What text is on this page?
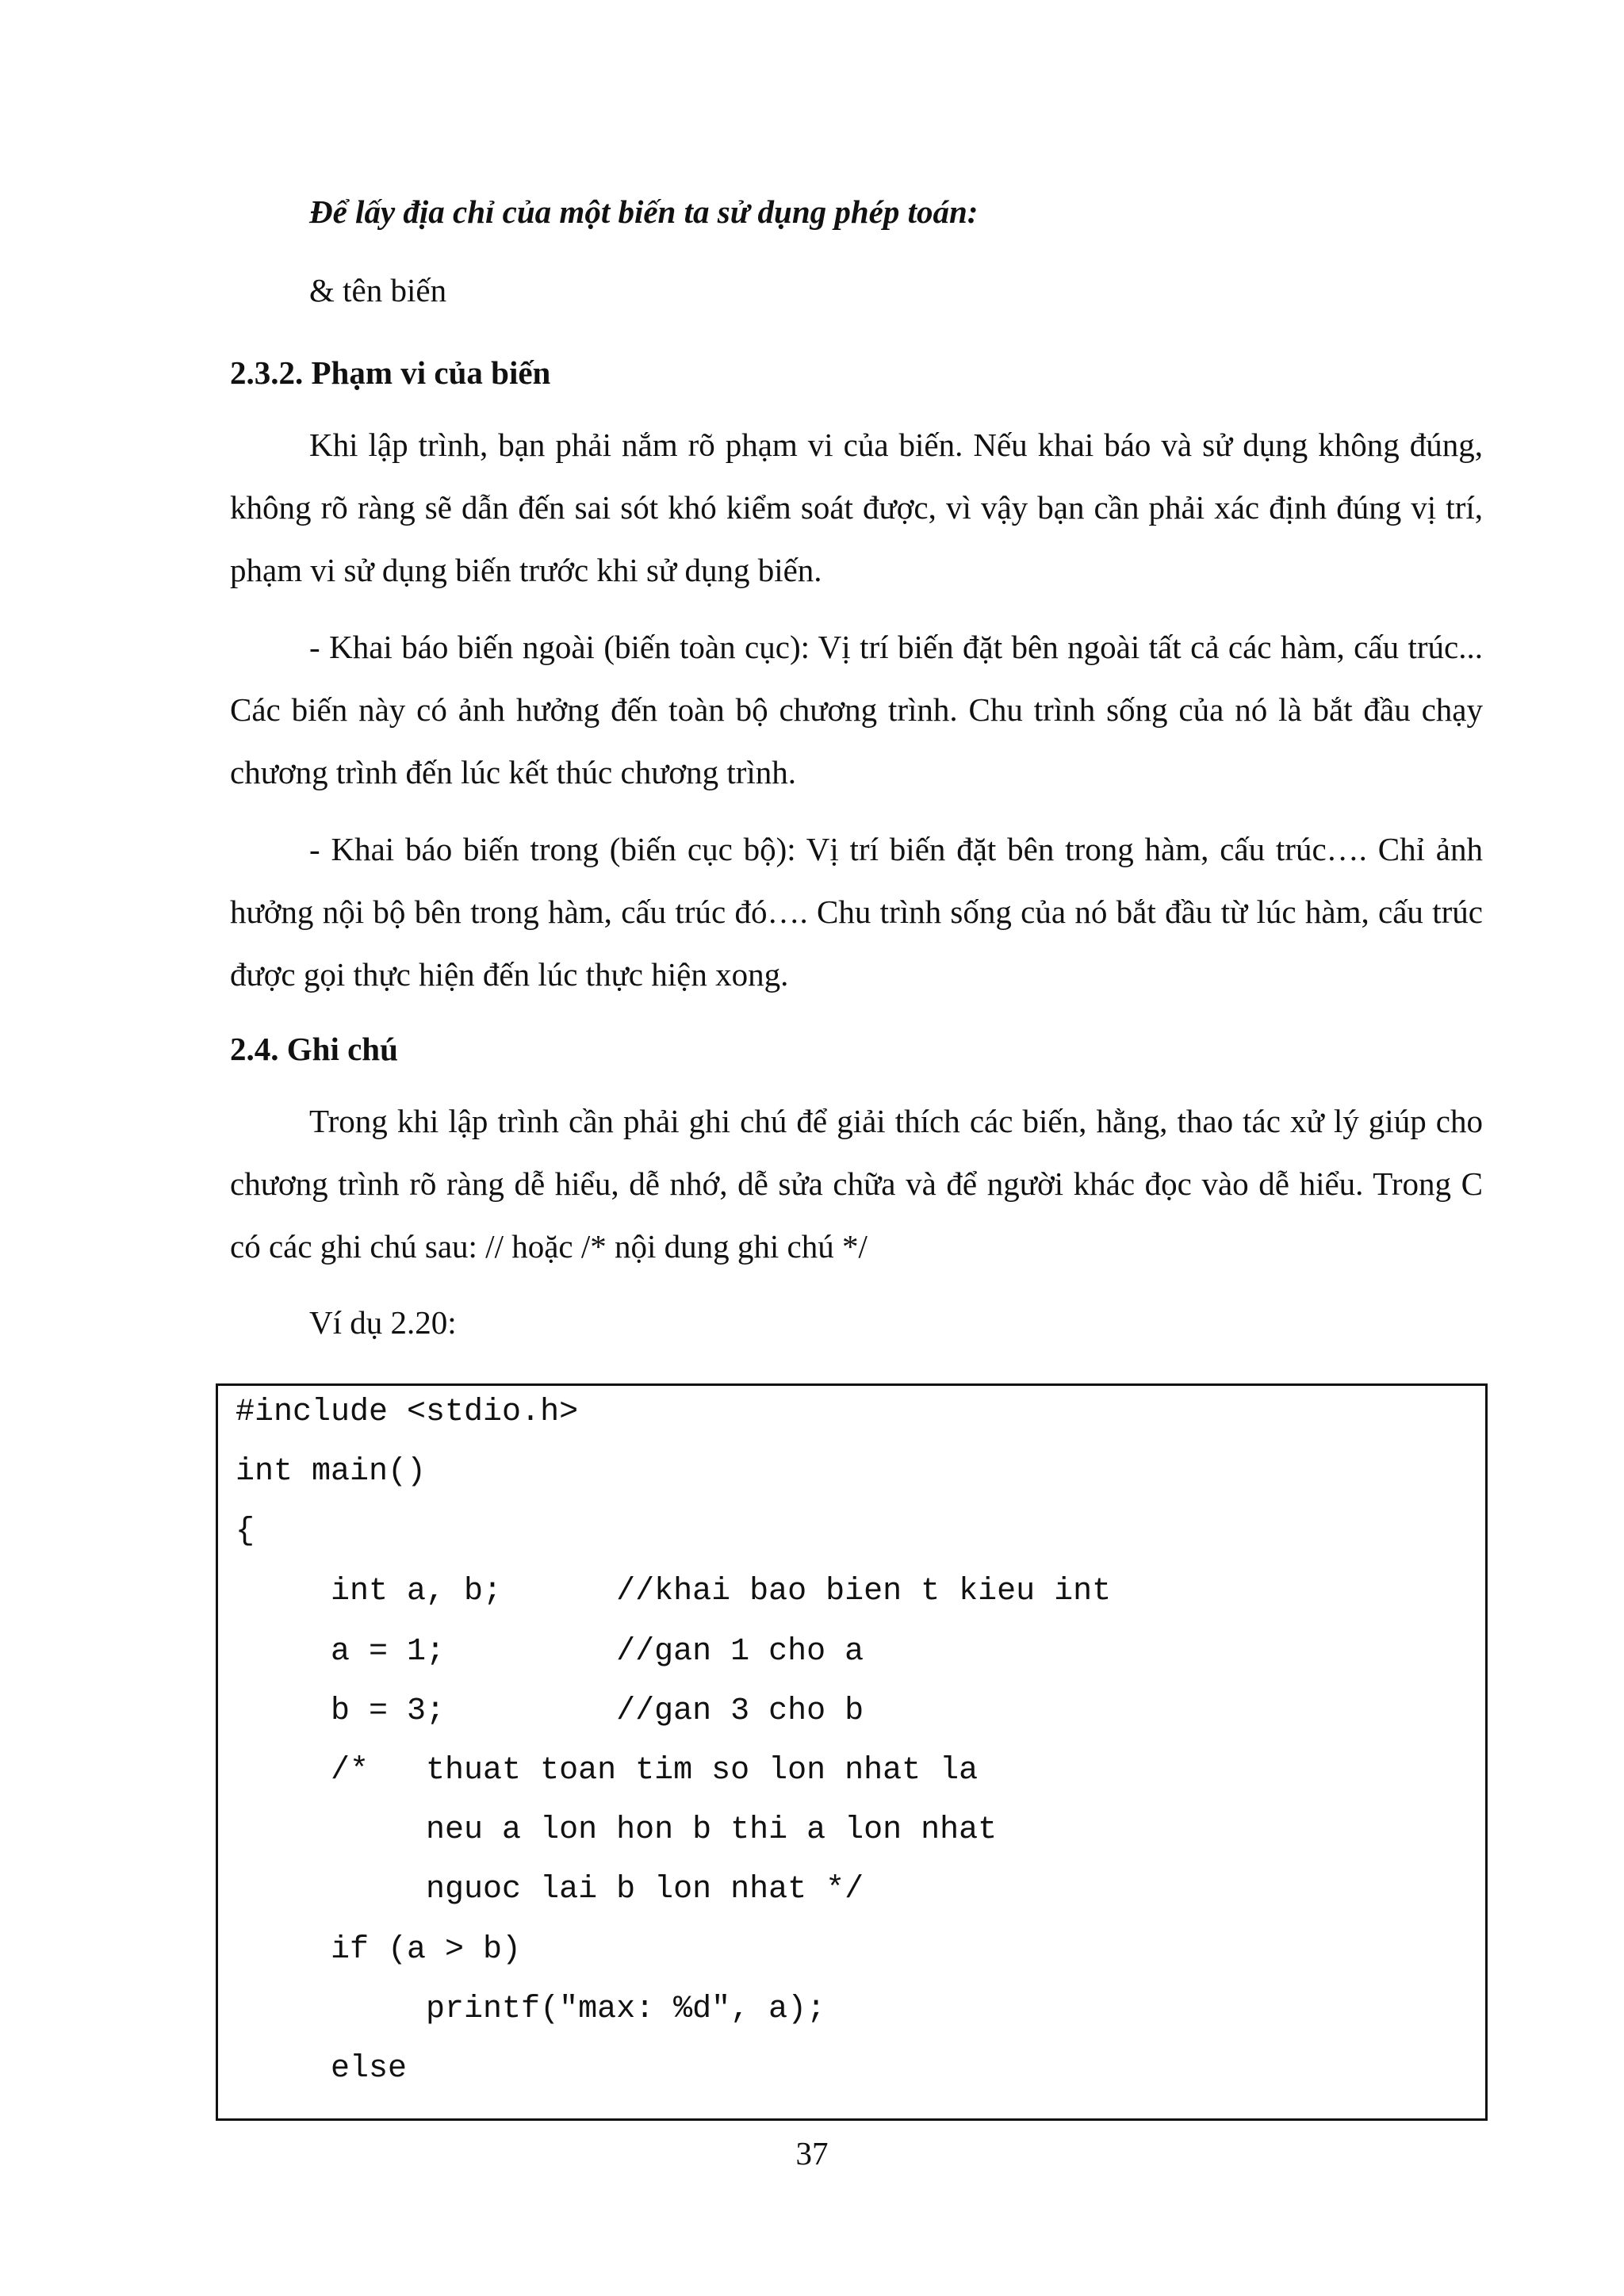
Để lấy địa chỉ của một biến ta sử dụng phép toán:

& tên biến

2.3.2. Phạm vi của biến

Khi lập trình, bạn phải nắm rõ phạm vi của biến. Nếu khai báo và sử dụng không đúng, không rõ ràng sẽ dẫn đến sai sót khó kiểm soát được, vì vậy bạn cần phải xác định đúng vị trí, phạm vi sử dụng biến trước khi sử dụng biến.

- Khai báo biến ngoài (biến toàn cục): Vị trí biến đặt bên ngoài tất cả các hàm, cấu trúc... Các biến này có ảnh hưởng đến toàn bộ chương trình. Chu trình sống của nó là bắt đầu chạy chương trình đến lúc kết thúc chương trình.

- Khai báo biến trong (biến cục bộ): Vị trí biến đặt bên trong hàm, cấu trúc…. Chỉ ảnh hưởng nội bộ bên trong hàm, cấu trúc đó…. Chu trình sống của nó bắt đầu từ lúc hàm, cấu trúc được gọi thực hiện đến lúc thực hiện xong.

2.4. Ghi chú

Trong khi lập trình cần phải ghi chú để giải thích các biến, hằng, thao tác xử lý giúp cho chương trình rõ ràng dễ hiểu, dễ nhớ, dễ sửa chữa và để người khác đọc vào dễ hiểu. Trong C có các ghi chú sau: // hoặc /* nội dung ghi chú */

Ví dụ 2.20:

#include <stdio.h>
int main()
{
int a, b;      //khai bao bien t kieu int
a = 1;         //gan 1 cho a
b = 3;         //gan 3 cho b
/*   thuat toan tim so lon nhat la
neu a lon hon b thi a lon nhat
nguoc lai b lon nhat */
if (a > b)
printf("max: %d", a);
else
37
